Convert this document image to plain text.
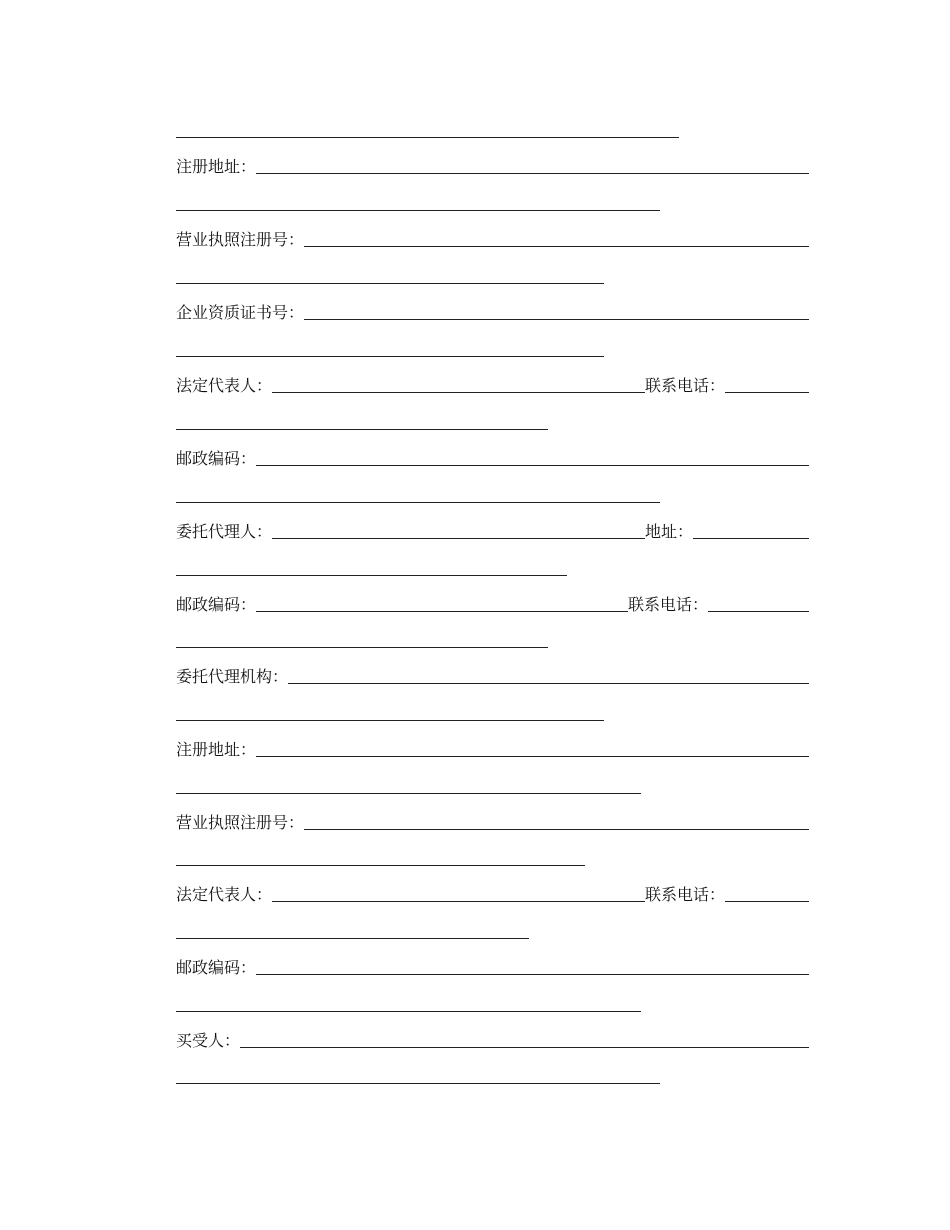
注册地址：
营业执照注册号：
企业资质证书号：
法定代表人：	联系电话：
邮政编码：
委托代理人：	地址：
邮政编码：	联系电话：
委托代理机构：
注册地址：
营业执照注册号：
法定代表人：	联系电话：
邮政编码：
买受人：
